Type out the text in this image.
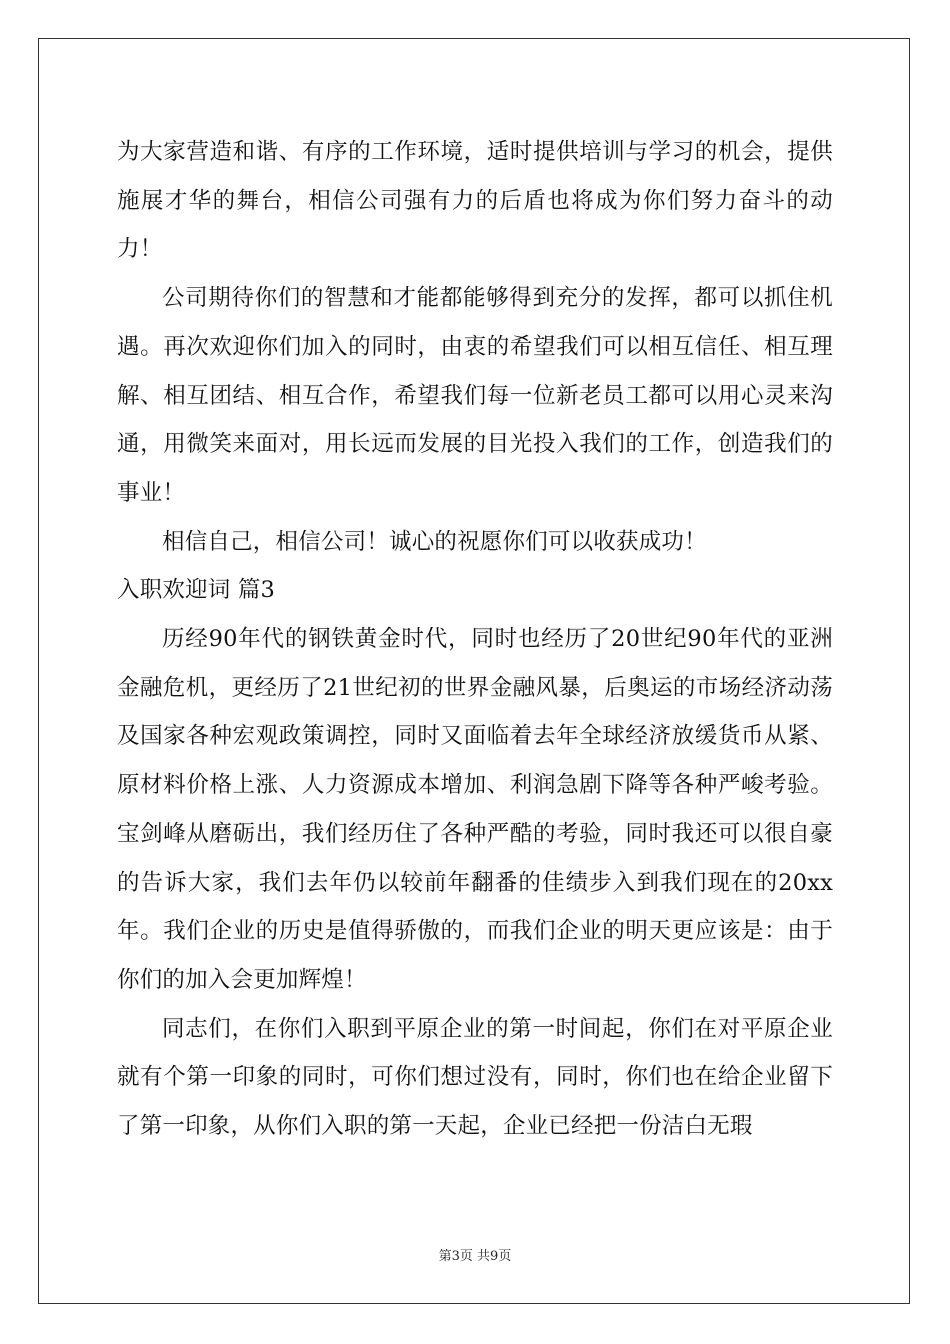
为大家营造和谐、有序的工作环境，适时提供培训与学习的机会，提供施展才华的舞台，相信公司强有力的后盾也将成为你们努力奋斗的动力！

公司期待你们的智慧和才能都能够得到充分的发挥，都可以抓住机遇。再次欢迎你们加入的同时，由衷的希望我们可以相互信任、相互理解、相互团结、相互合作，希望我们每一位新老员工都可以用心灵来沟通，用微笑来面对，用长远而发展的目光投入我们的工作，创造我们的事业！

相信自己，相信公司！诚心的祝愿你们可以收获成功！

入职欢迎词 篇3

历经90年代的钢铁黄金时代，同时也经历了20世纪90年代的亚洲金融危机，更经历了21世纪初的世界金融风暴，后奥运的市场经济动荡及国家各种宏观政策调控，同时又面临着去年全球经济放缓货币从紧、原材料价格上涨、人力资源成本增加、利润急剧下降等各种严峻考验。宝剑峰从磨砺出，我们经历住了各种严酷的考验，同时我还可以很自豪的告诉大家，我们去年仍以较前年翻番的佳绩步入到我们现在的20xx年。我们企业的历史是值得骄傲的，而我们企业的明天更应该是：由于你们的加入会更加辉煌！

同志们，在你们入职到平原企业的第一时间起，你们在对平原企业就有个第一印象的同时，可你们想过没有，同时，你们也在给企业留下了第一印象，从你们入职的第一天起，企业已经把一份洁白无瑕

第3页 共9页
